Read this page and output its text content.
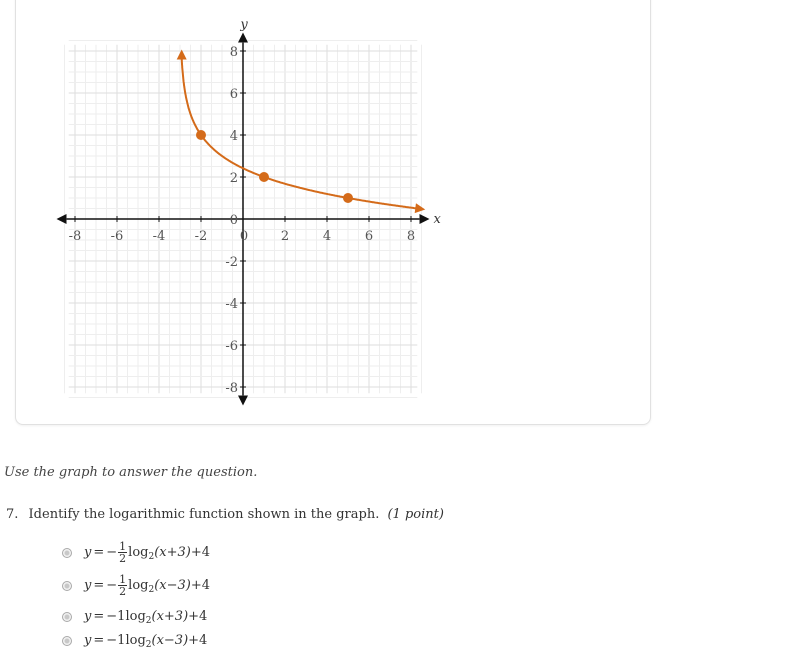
-8 -6 -4 -2	0	2	4	6	8
8
6
4
2
0
-2
-4
-6
-8
x
y
Use the graph to answer the question.
7. Identify the logarithmic function shown in the graph. (1 point)
y = − $\frac{1}{2}$ log 2 (x+3) +4
y = − $\frac{1}{2}$ log 2 (x−3) +4
y = − 1 log 2 (x+3) +4
y = − 1 log 2 (x−3) +4
